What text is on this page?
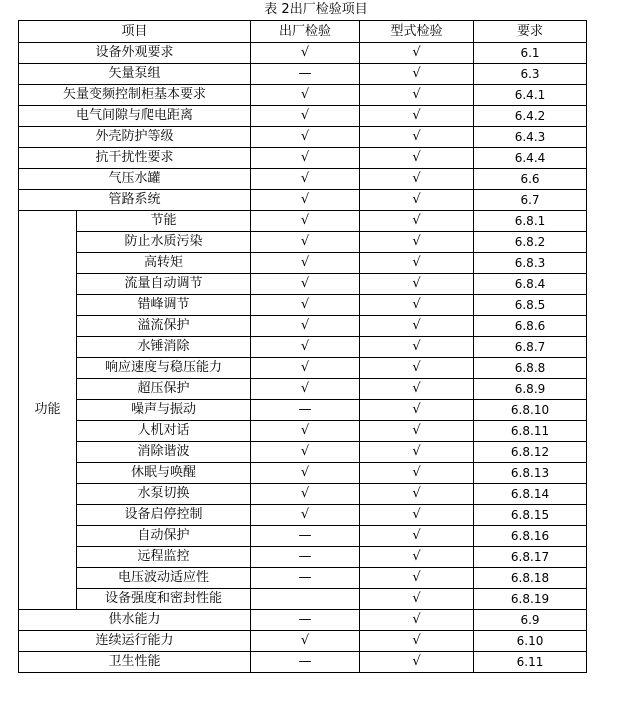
表 2出厂检验项目
项目		出厂检验	型式检验	要求
设备外观要求		√	√	6.1
矢量泵组		—	√	6.3
矢量变频控制柜基本要求		√	√	6.4.1
电气间隙与爬电距离		√	√	6.4.2
外壳防护等级		√	√	6.4.3
抗干扰性要求		√	√	6.4.4
气压水罐		√	√	6.6
管路系统		√	√	6.7
功能	节能	√	√	6.8.1
	防止水质污染	√	√	6.8.2
	高转矩	√	√	6.8.3
	流量自动调节	√	√	6.8.4
	错峰调节	√	√	6.8.5
	溢流保护	√	√	6.8.6
	水锤消除	√	√	6.8.7
	响应速度与稳压能力	√	√	6.8.8
	超压保护	√	√	6.8.9
	噪声与振动	—	√	6.8.10
	人机对话	√	√	6.8.11
	消除谐波	√	√	6.8.12
	休眠与唤醒	√	√	6.8.13
	水泵切换	√	√	6.8.14
	设备启停控制	√	√	6.8.15
	自动保护	—	√	6.8.16
	远程监控	—	√	6.8.17
	电压波动适应性	—	√	6.8.18
	设备强度和密封性能		√	6.8.19
供水能力		—	√	6.9
连续运行能力		√	√	6.10
卫生性能		—	√	6.11
